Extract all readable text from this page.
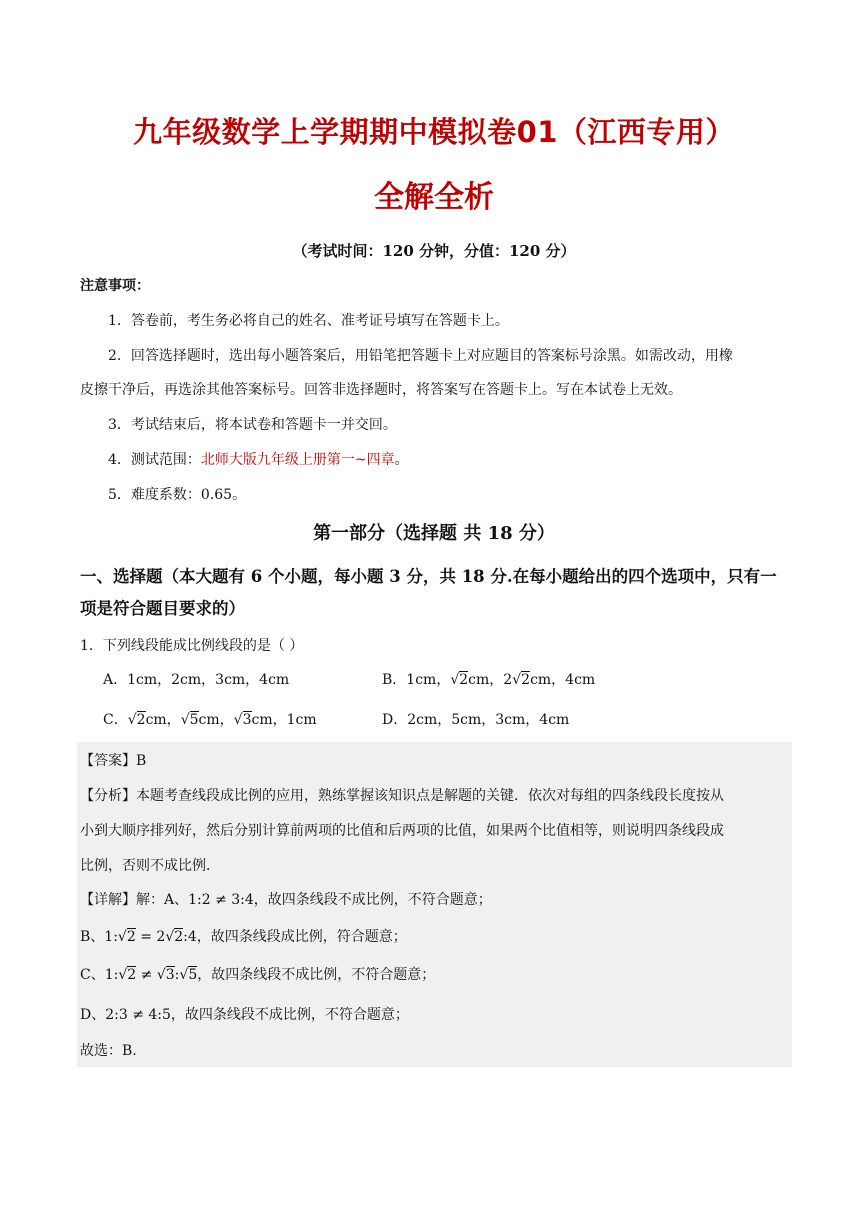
九年级数学上学期期中模拟卷01（江西专用）
全解全析
（考试时间：120 分钟，分值：120 分）
注意事项：
1．答卷前，考生务必将自己的姓名、准考证号填写在答题卡上。
2．回答选择题时，选出每小题答案后，用铅笔把答题卡上对应题目的答案标号涂黑。如需改动，用橡
皮擦干净后，再选涂其他答案标号。回答非选择题时，将答案写在答题卡上。写在本试卷上无效。
3．考试结束后，将本试卷和答题卡一并交回。
4．测试范围：北师大版九年级上册第一~四章。
5．难度系数：0.65。
第一部分（选择题 共 18 分）
一、选择题（本大题有 6 个小题，每小题 3 分，共 18 分.在每小题给出的四个选项中，只有一
项是符合题目要求的）
1．下列线段能成比例线段的是（ ）
A．1cm，2cm，3cm，4cm	B．1cm，√2cm，2√2cm，4cm
C．√2cm，√5cm，√3cm，1cm	D．2cm，5cm，3cm，4cm
【答案】B
【分析】本题考查线段成比例的应用，熟练掌握该知识点是解题的关键．依次对每组的四条线段长度按从
小到大顺序排列好，然后分别计算前两项的比值和后两项的比值，如果两个比值相等，则说明四条线段成
比例，否则不成比例．
【详解】解：A、1:2 ≠ 3:4，故四条线段不成比例，不符合题意；
B、1:√2 = 2√2:4，故四条线段成比例，符合题意；
C、1:√2 ≠ √3:√5，故四条线段不成比例，不符合题意；
D、2:3 ≠ 4:5，故四条线段不成比例，不符合题意；
故选：B.
